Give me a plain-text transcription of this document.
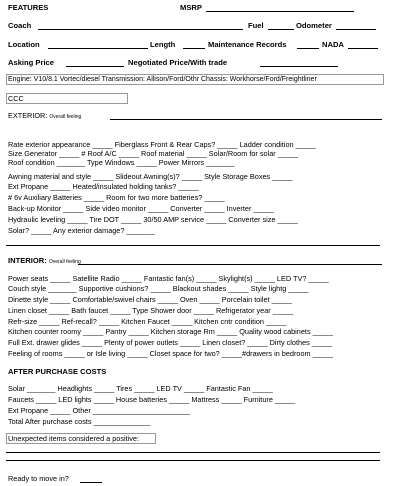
FEATURES	MSRP
Coach	Fuel	Odometer
Location	Length	Maintenance Records	NADA
Asking Price	Negotiated Price/With trade
Engine: V10/8.1 Vortec/diesel Transmission: Allison/Ford/Othr Chassis: Workhorse/Ford/Freightliner
CCC
EXTERIOR: Overall feeling
Rate exterior appearance _____ Fiberglass Front & Rear Caps? _____ Ladder condition _____
Size Generator _____ # Roof A/C _____ Roof material _____ Solar/Room for solar _____
Roof condition _______ Type Windows _____ Power Mirrors _______
Awning material and style _____ Slideout Awning(s)? _____ Style Storage Boxes _____
Ext Propane _____ Heated/insulated holding tanks? _____
# 6v Auxiliary Batteries _____ Room for two more batteries? _____
Back-up Monitor _____ Side video monitor _____ Converter _____ Inverter _____
Hydraulic leveling _____ Tire DOT _____ 30/50 AMP service _____ Converter size _____
Solar? _____ Any exterior damage? _______
INTERIOR: Overall feeling
Power seats _____ Satellite Radio _____ Fantastic fan(s) _____ Skylight(s) _____ LED TV? _____
Couch style _______ Supportive cushions? _____ Blackout shades _____ Style lightg _____
Dinette style _____ Comfortable/swivel chairs _____ Oven _____ Porcelain toilet _____
Linen closet _____ Bath faucet _____ Type Shower door _____ Refrigerator year _____
Refr-size _____ Ref-recall? _____ Kitchen Faucet _____ Kitchen cntr condition _____
Kitchen counter roomy _____ Pantry _____ Kitchen storage Rm _____ Quality wood cabinets _____
Full Ext. drawer glides _____ Plenty of power outlets _____ Linen closet? _____ Dirty clothes _____
Feeling of rooms _____ or Isle living _____ Closet space for two? _____#drawers in bedroom _____
AFTER PURCHASE COSTS
Solar _______ Headlights _____ Tires _____ LED TV _____ Fantastic Fan _____
Faucets _____ LED lights _____ House batteries _____ Mattress _____ Furniture _____
Ext Propane _____ Other ________________________
Total After purchase costs ______________
Unexpected items considered a positive:
Ready to move in?
